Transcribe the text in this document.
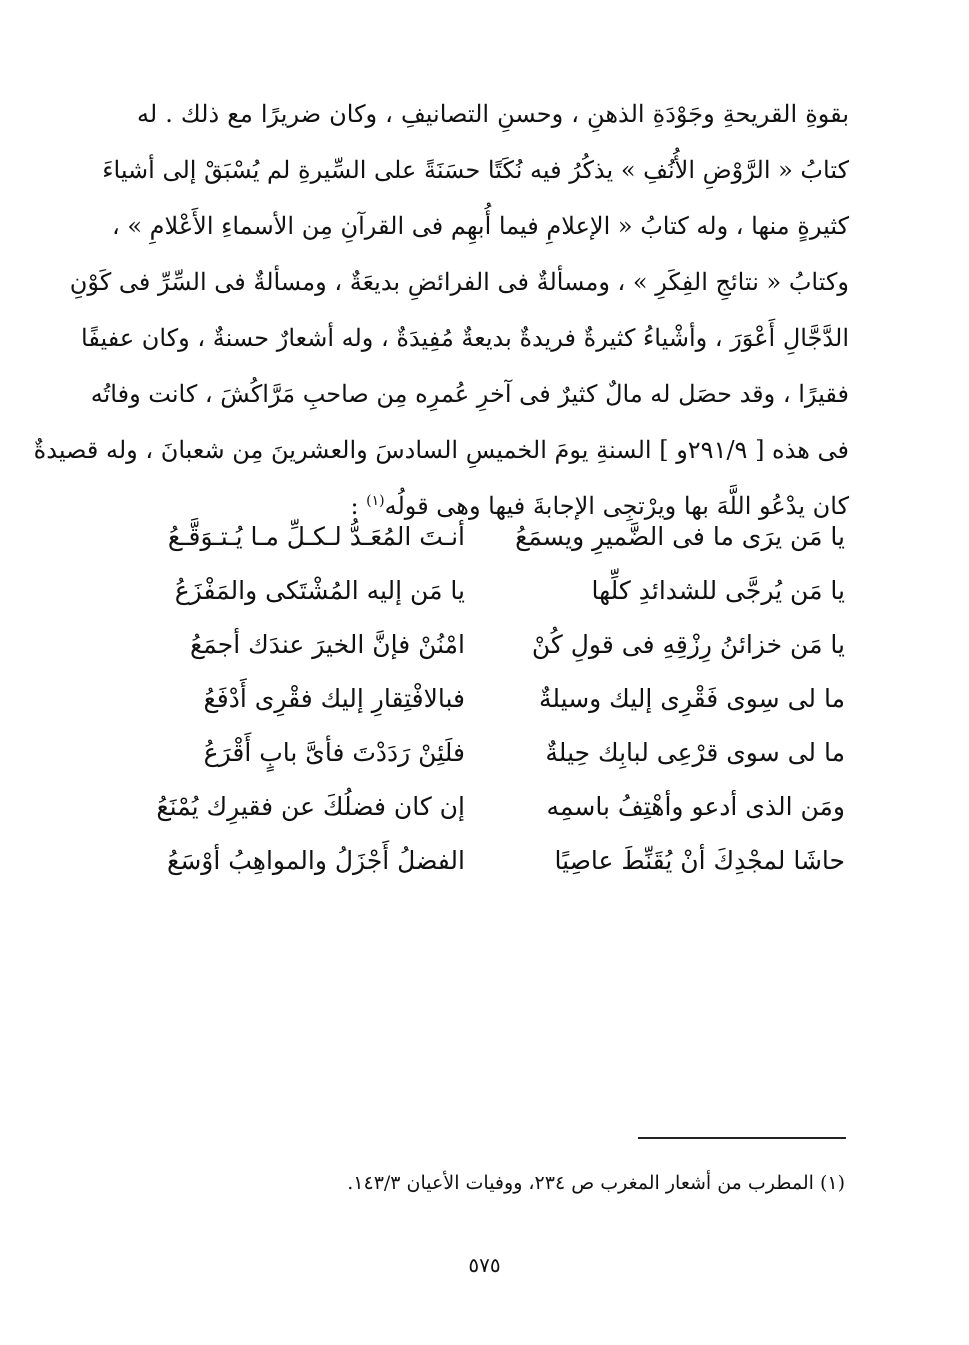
بقوةِ القريحةِ وجَوْدَةِ الذهنِ ، وحسنِ التصانيفِ ، وكان ضريرًا مع ذلك . له
كتابُ « الرَّوْضِ الأُنُفِ » يذكُرُ فيه نُكَتًا حسَنَةً على السِّيرةِ لم يُسْبَقْ إلى أشياءَ
كثيرةٍ منها ، وله كتابُ « الإعلامِ فيما أُبهِم فى القرآنِ مِن الأسماءِ الأَعْلامِ » ،
وكتابُ « نتائجِ الفِكَرِ » ، ومسألةٌ فى الفرائضِ بديعَةٌ ، ومسألةٌ فى السِّرِّ فى كَوْنِ
الدَّجَّالِ أَعْوَرَ ، وأشْياءُ كثيرةٌ فريدةٌ بديعةٌ مُفِيدَةٌ ، وله أشعارٌ حسنةٌ ، وكان عفيفًا
فقيرًا ، وقد حصَل له مالٌ كثيرٌ فى آخرِ عُمرِه مِن صاحبِ مَرَّاكُشَ ، كانت وفاتُه
فى هذه [ ٢٩١/٩و ] السنةِ يومَ الخميسِ السادسَ والعشرينَ مِن شعبانَ ، وله قصيدةٌ
كان يدْعُو اللَّهَ بها ويرْتجِى الإجابةَ فيها وهى قولُه$^{(١)}$ :
يا مَن يرَى ما فى الضَّميرِ ويسمَعُ
أنـتَ المُعَـدُّ لـكـلِّ مـا يُـتـوَقَّـعُ
يا مَن يُرجَّى للشدائدِ كلِّها
يا مَن إليه المُشْتَكى والمَفْزَعُ
يا مَن خزائنُ رِزْقِهِ فى قولِ كُنْ
امْنُنْ فإنَّ الخيرَ عندَك أجمَعُ
ما لى سِوى فَقْرِى إليك وسيلةٌ
فبالافْتِقارِ إليك فقْرِى أَدْفَعُ
ما لى سوى قرْعِى لبابِك حِيلةٌ
فلَئِنْ رَدَدْتَ فأىَّ بابٍ أَقْرَعُ
ومَن الذى أدعو وأهْتِفُ باسمِه
إن كان فضلُكَ عن فقيرِك يُمْنَعُ
حاشَا لمجْدِكَ أنْ يُقَنِّطَ عاصِيًا
الفضلُ أَجْزَلُ والمواهِبُ أوْسَعُ
(١) المطرب من أشعار المغرب ص ٢٣٤، ووفيات الأعيان ١٤٣/٣.
٥٧٥
